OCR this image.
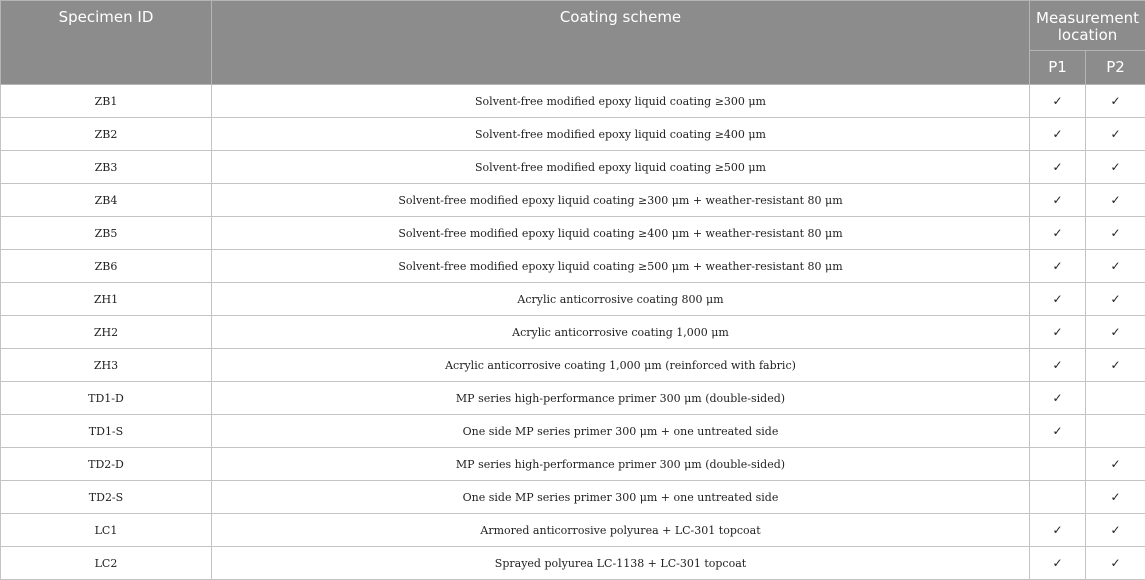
Specimen ID	Coating scheme	Measurement location	
		P1	P2
ZB1	Solvent-free modified epoxy liquid coating ≥300 μm	✓	✓
ZB2	Solvent-free modified epoxy liquid coating ≥400 μm	✓	✓
ZB3	Solvent-free modified epoxy liquid coating ≥500 μm	✓	✓
ZB4	Solvent-free modified epoxy liquid coating ≥300 μm + weather-resistant 80 μm	✓	✓
ZB5	Solvent-free modified epoxy liquid coating ≥400 μm + weather-resistant 80 μm	✓	✓
ZB6	Solvent-free modified epoxy liquid coating ≥500 μm + weather-resistant 80 μm	✓	✓
ZH1	Acrylic anticorrosive coating 800 μm	✓	✓
ZH2	Acrylic anticorrosive coating 1,000 μm	✓	✓
ZH3	Acrylic anticorrosive coating 1,000 μm (reinforced with fabric)	✓	✓
TD1-D	MP series high-performance primer 300 μm (double-sided)	✓	
TD1-S	One side MP series primer 300 μm + one untreated side	✓	
TD2-D	MP series high-performance primer 300 μm (double-sided)		✓
TD2-S	One side MP series primer 300 μm + one untreated side		✓
LC1	Armored anticorrosive polyurea + LC-301 topcoat	✓	✓
LC2	Sprayed polyurea LC-1138 + LC-301 topcoat	✓	✓
